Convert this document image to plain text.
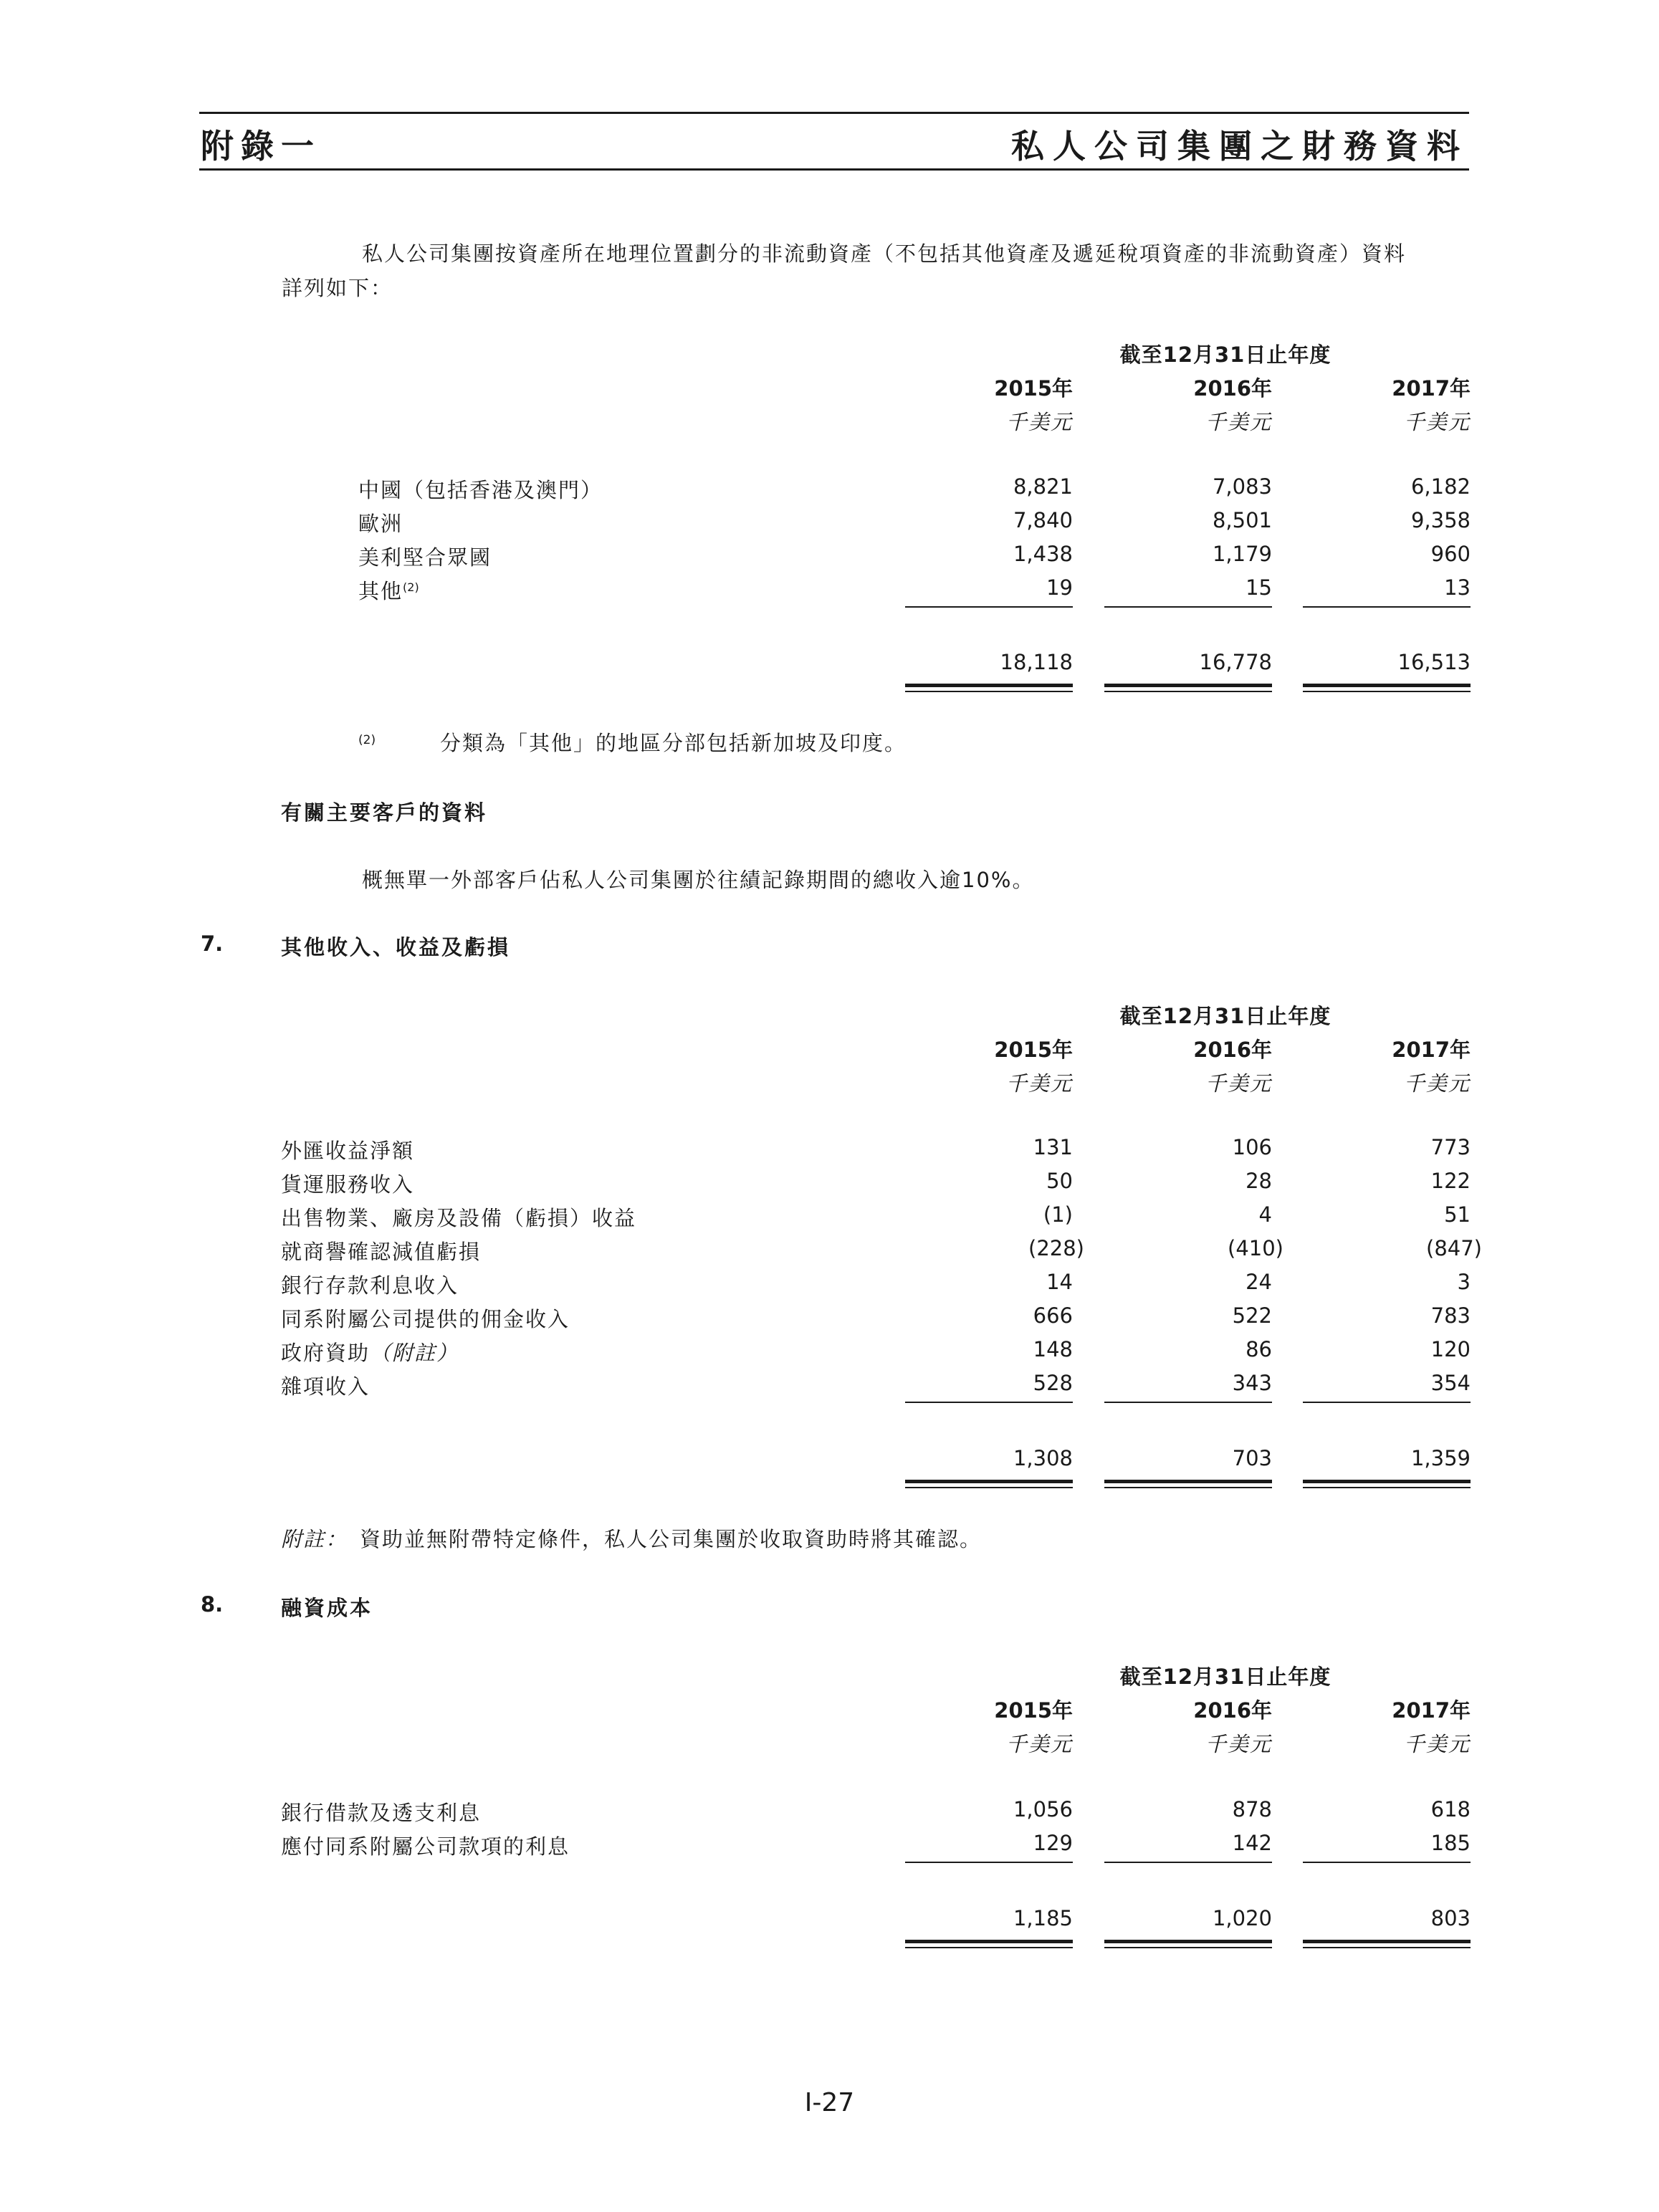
附錄一	私人公司集團之財務資料
私人公司集團按資產所在地理位置劃分的非流動資產（不包括其他資產及遞延稅項資產的非流動資產）資料
詳列如下：
截至12月31日止年度
2015年	2016年	2017年
千美元	千美元	千美元
中國（包括香港及澳門）	8,821	7,083	6,182
歐洲	7,840	8,501	9,358
美利堅合眾國	1,438	1,179	960
其他$^{(2)}$	19	15	13
18,118	16,778	16,513
(2)	分類為「其他」的地區分部包括新加坡及印度。
有關主要客戶的資料
概無單一外部客戶佔私人公司集團於往績記錄期間的總收入逾10%。
7.	其他收入、收益及虧損
截至12月31日止年度
2015年	2016年	2017年
千美元	千美元	千美元
外匯收益淨額	131	106	773
貨運服務收入	50	28	122
出售物業、廠房及設備（虧損）收益	(1)	4	51
就商譽確認減值虧損	(228)	(410)	(847)
銀行存款利息收入	14	24	3
同系附屬公司提供的佣金收入	666	522	783
政府資助（附註）	148	86	120
雜項收入	528	343	354
1,308	703	1,359
附註： 資助並無附帶特定條件，私人公司集團於收取資助時將其確認。
8.	融資成本
截至12月31日止年度
2015年	2016年	2017年
千美元	千美元	千美元
銀行借款及透支利息	1,056	878	618
應付同系附屬公司款項的利息	129	142	185
1,185	1,020	803
I-27
